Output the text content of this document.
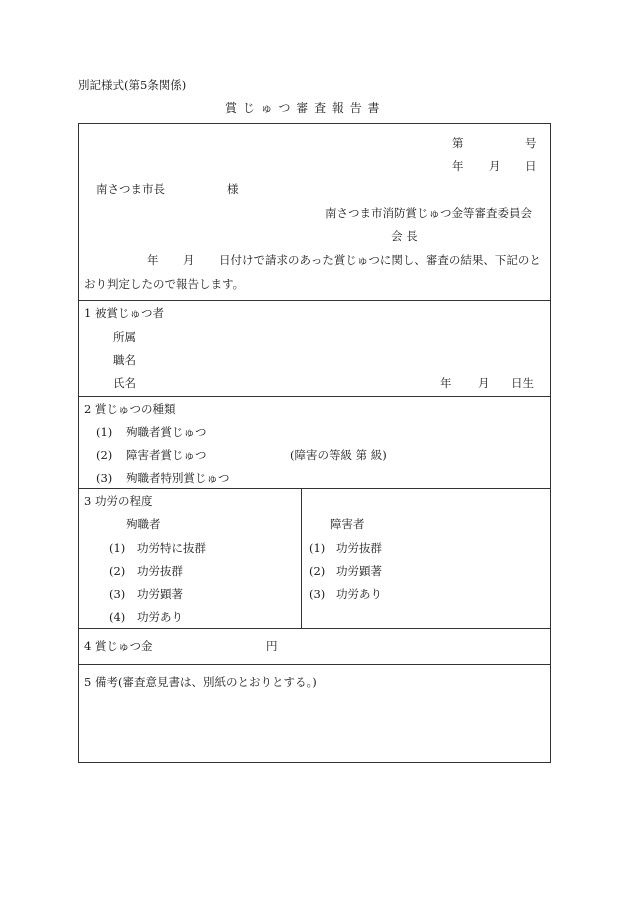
別記様式(第5条関係)
賞 じ ゅ つ 審 査 報 告 書
第	号
年 月 日
南さつま市長	様
南さつま市消防賞じゅつ金等審査委員会
会 長
年 月 日付けで請求のあった賞じゅつに関し、審査の結果、下記のと
おり判定したので報告します。
1 被賞じゅつ者
所属
職名
氏名	年 月 日生
2 賞じゅつの種類
(1) 殉職者賞じゅつ
(2) 障害者賞じゅつ	(障害の等級 第 級)
(3) 殉職者特別賞じゅつ
3 功労の程度
殉職者
(1) 功労特に抜群
(2) 功労抜群
(3) 功労顕著
(4) 功労あり
障害者
(1) 功労抜群
(2) 功労顕著
(3) 功労あり
4 賞じゅつ金	円
5 備考(審査意見書は、別紙のとおりとする。)
